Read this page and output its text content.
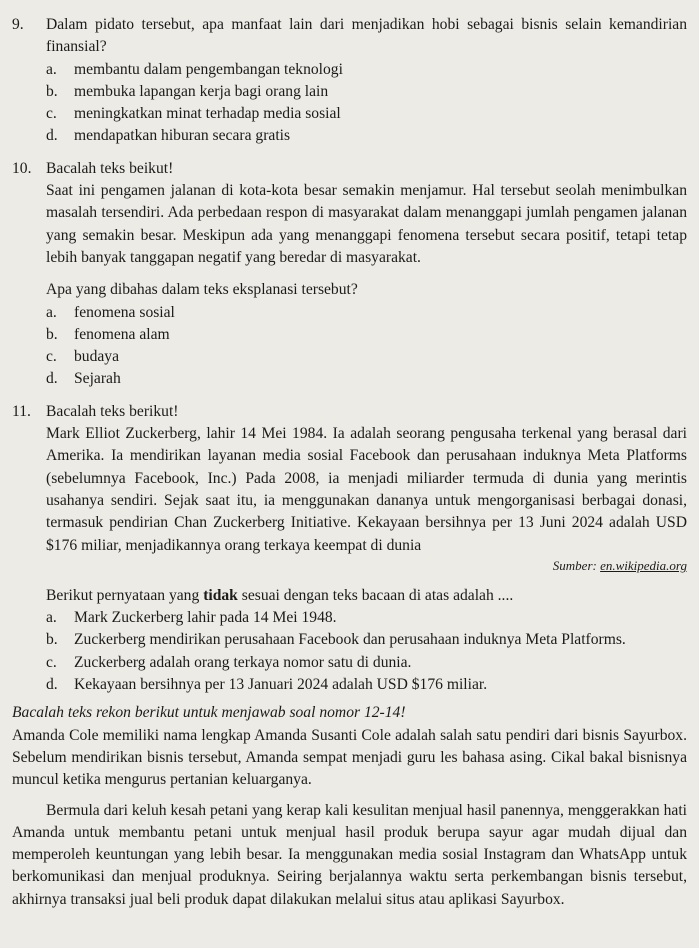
9.	Dalam pidato tersebut, apa manfaat lain dari menjadikan hobi sebagai bisnis selain kemandirian finansial?
a.	membantu dalam pengembangan teknologi
b.	membuka lapangan kerja bagi orang lain
c.	meningkatkan minat terhadap media sosial
d.	mendapatkan hiburan secara gratis
10. Bacalah teks beikut!
Saat ini pengamen jalanan di kota-kota besar semakin menjamur. Hal tersebut seolah menimbulkan masalah tersendiri. Ada perbedaan respon di masyarakat dalam menanggapi jumlah pengamen jalanan yang semakin besar. Meskipun ada yang menanggapi fenomena tersebut secara positif, tetapi tetap lebih banyak tanggapan negatif yang beredar di masyarakat.
Apa yang dibahas dalam teks eksplanasi tersebut?
a.	fenomena sosial
b.	fenomena alam
c.	budaya
d.	Sejarah
11. Bacalah teks berikut!
Mark Elliot Zuckerberg, lahir 14 Mei 1984. Ia adalah seorang pengusaha terkenal yang berasal dari Amerika. Ia mendirikan layanan media sosial Facebook dan perusahaan induknya Meta Platforms (sebelumnya Facebook, Inc.) Pada 2008, ia menjadi miliarder termuda di dunia yang merintis usahanya sendiri. Sejak saat itu, ia menggunakan dananya untuk mengorganisasi berbagai donasi, termasuk pendirian Chan Zuckerberg Initiative. Kekayaan bersihnya per 13 Juni 2024 adalah USD $176 miliar, menjadikannya orang terkaya keempat di dunia
Sumber: en.wikipedia.org
Berikut pernyataan yang tidak sesuai dengan teks bacaan di atas adalah ....
a.	Mark Zuckerberg lahir pada 14 Mei 1948.
b.	Zuckerberg mendirikan perusahaan Facebook dan perusahaan induknya Meta Platforms.
c.	Zuckerberg adalah orang terkaya nomor satu di dunia.
d.	Kekayaan bersihnya per 13 Januari 2024 adalah USD $176 miliar.
Bacalah teks rekon berikut untuk menjawab soal nomor 12-14!
Amanda Cole memiliki nama lengkap Amanda Susanti Cole adalah salah satu pendiri dari bisnis Sayurbox. Sebelum mendirikan bisnis tersebut, Amanda sempat menjadi guru les bahasa asing. Cikal bakal bisnisnya muncul ketika mengurus pertanian keluarganya.
Bermula dari keluh kesah petani yang kerap kali kesulitan menjual hasil panennya, menggerakkan hati Amanda untuk membantu petani untuk menjual hasil produk berupa sayur agar mudah dijual dan memperoleh keuntungan yang lebih besar. Ia menggunakan media sosial Instagram dan WhatsApp untuk berkomunikasi dan menjual produknya. Seiring berjalannya waktu serta perkembangan bisnis tersebut, akhirnya transaksi jual beli produk dapat dilakukan melalui situs atau aplikasi Sayurbox.
